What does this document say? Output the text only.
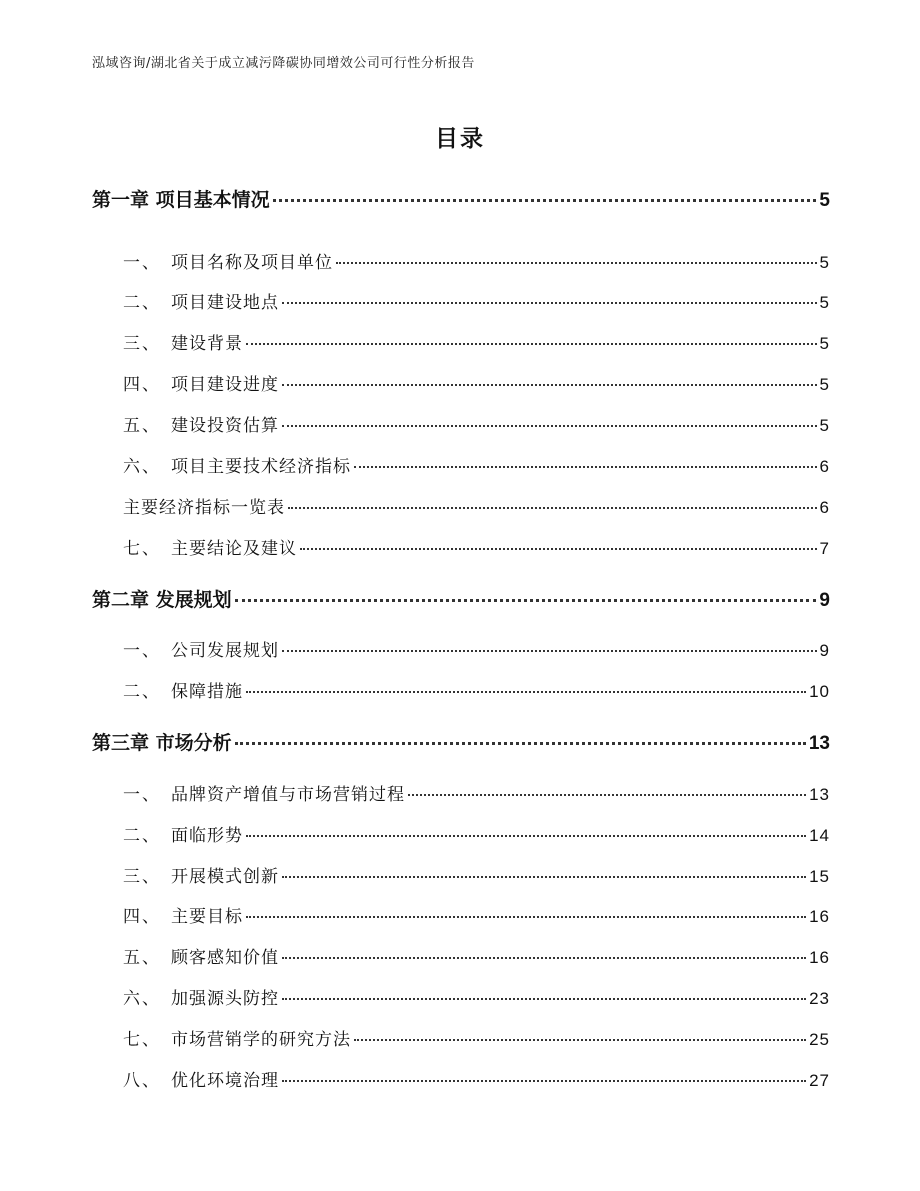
泓域咨询/湖北省关于成立减污降碳协同增效公司可行性分析报告
目录
第一章 项目基本情况	5
一、 项目名称及项目单位	5
二、 项目建设地点	5
三、 建设背景	5
四、 项目建设进度	5
五、 建设投资估算	5
六、 项目主要技术经济指标	6
主要经济指标一览表	6
七、 主要结论及建议	7
第二章 发展规划	9
一、 公司发展规划	9
二、 保障措施	10
第三章 市场分析	13
一、 品牌资产增值与市场营销过程	13
二、 面临形势	14
三、 开展模式创新	15
四、 主要目标	16
五、 顾客感知价值	16
六、 加强源头防控	23
七、 市场营销学的研究方法	25
八、 优化环境治理	27
